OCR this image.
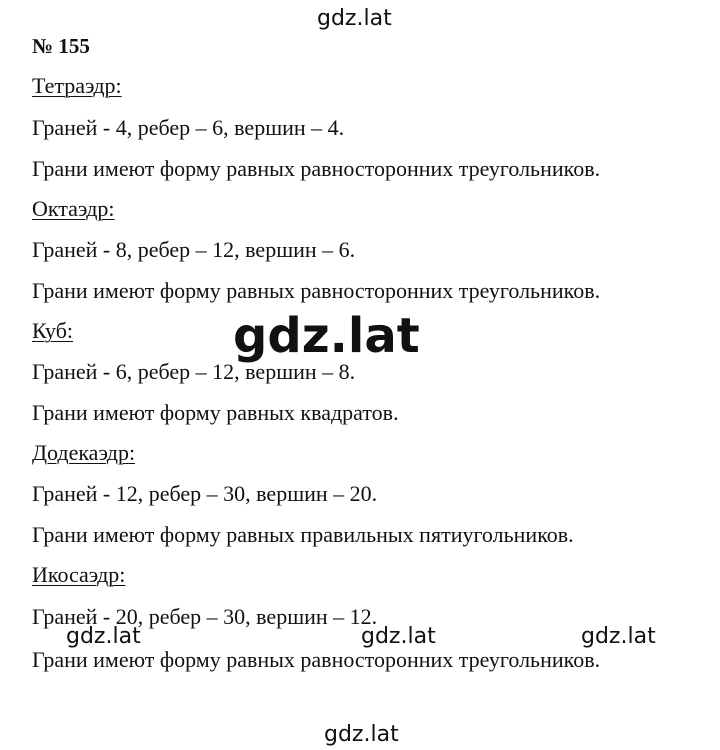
gdz.lat
№ 155
Тетраэдр:
Граней - 4, ребер – 6, вершин – 4.
Грани имеют форму равных равносторонних треугольников.
Октаэдр:
Граней - 8, ребер – 12, вершин – 6.
Грани имеют форму равных равносторонних треугольников.
Куб:
Граней - 6, ребер – 12, вершин – 8.
Грани имеют форму равных квадратов.
Додекаэдр:
Граней - 12, ребер – 30, вершин – 20.
Грани имеют форму равных правильных пятиугольников.
Икосаэдр:
Граней - 20, ребер – 30, вершин – 12.
Грани имеют форму равных равносторонних треугольников.
gdz.lat
gdz.lat	gdz.lat	gdz.lat
gdz.lat
